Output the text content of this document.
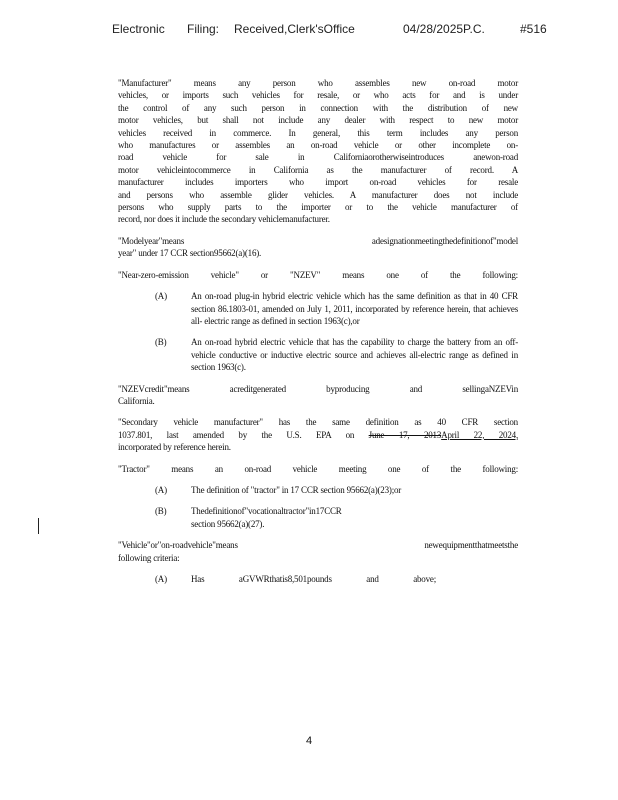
Electronic Filing: Received,Clerk'sOffice	04/28/2025P.C.	#516

"Manufacturer" means any person who assembles new on-road motor

vehicles, or imports such vehicles for resale, or who acts for and is under

the control of any such person in connection with the distribution of new

motor vehicles, but shall not include any dealer with respect to new motor

vehicles received in commerce. In general, this term includes any person

who manufactures or assembles an on-road vehicle or other incomplete on-

road vehicle for sale in Californiaorotherwiseintroduces anewon-road

motor vehicleintocommerce in California as the manufacturer of record. A

manufacturer includes importers who import on-road vehicles for resale

and persons who assemble glider vehicles. A manufacturer does not include

persons who supply parts to the importer or to the vehicle manufacturer of

record, nor does it include the secondary vehiclemanufacturer.

"Modelyear"means adesignationmeetingthedefinitionof"model

year" under 17 CCR section95662(a)(16).

"Near-zero-emission vehicle" or "NZEV" means one of the following:

(A)	An on-road plug-in hybrid electric vehicle which has the same definition as that in 40 CFR section 86.1803-01, amended on July 1, 2011, incorporated by reference herein, that achieves all- electric range as defined in section 1963(c),or
(B)	An on-road hybrid electric vehicle that has the capability to charge the battery from an off-vehicle conductive or inductive electric source and achieves all-electric range as defined in section 1963(c).

"NZEVcredit"means acreditgenerated byproducing and sellingaNZEVin

California.

"Secondary vehicle manufacturer" has the same definition as 40 CFR section

1037.801, last amended by the U.S. EPA on June 17, 2013April 22, 2024,

incorporated by reference herein.

"Tractor" means an on-road vehicle meeting one of the following:

(A)	The definition of "tractor" in 17 CCR section 95662(a)(23);or
(B)	Thedefinitionof"vocationaltractor"in17CCR
section 95662(a)(27).

"Vehicle"or"on-roadvehicle"means newequipmentthatmeetsthe

following criteria:

(A)	Has aGVWRthatis8,501pounds and above;
4
